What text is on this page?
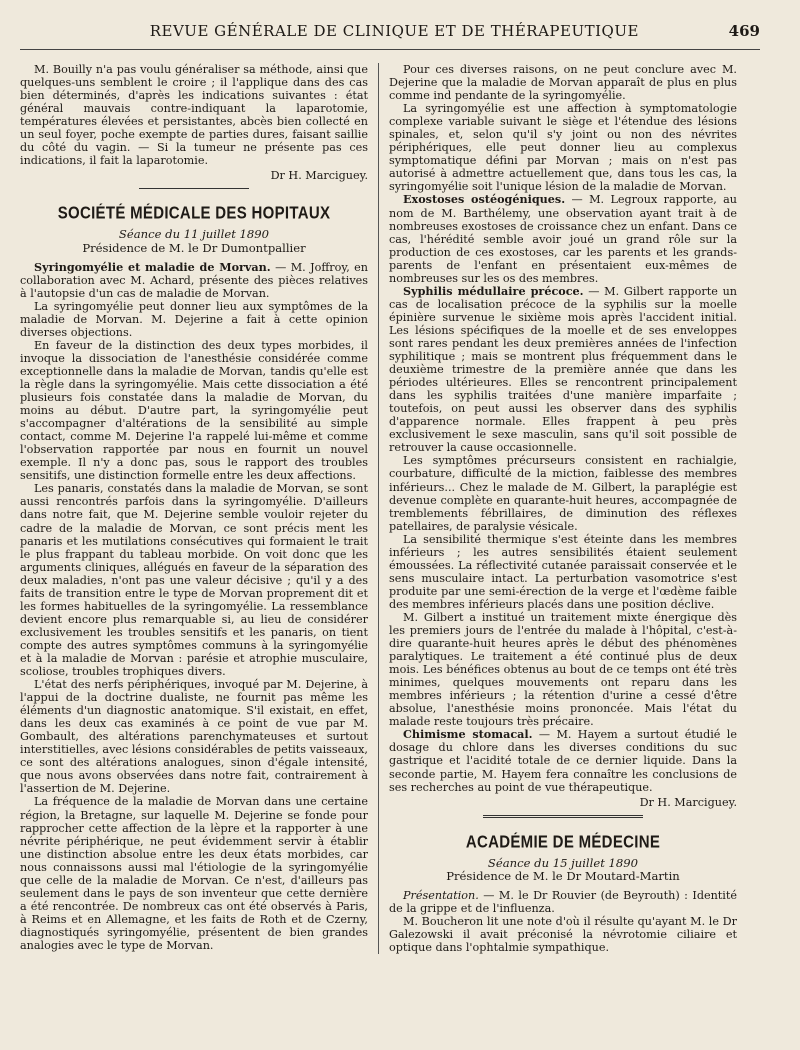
REVUE GÉNÉRALE DE CLINIQUE ET DE THÉRAPEUTIQUE	469

M. Bouilly n'a pas voulu généraliser sa méthode, ainsi que quelques-uns semblent le croire ; il l'applique dans des cas bien déterminés, d'après les indications suivantes : état général mauvais contre-indiquant la laparotomie, températures élevées et persistantes, abcès bien collecté en un seul foyer, poche exempte de parties dures, faisant saillie du côté du vagin. — Si la tumeur ne présente pas ces indications, il fait la laparotomie.

Dr H. Marciguey.

SOCIÉTÉ MÉDICALE DES HOPITAUX

Séance du 11 juillet 1890

Présidence de M. le Dr Dumontpallier

Syringomyélie et maladie de Morvan. — M. Joffroy, en collaboration avec M. Achard, présente des pièces relatives à l'autopsie d'un cas de maladie de Morvan.

La syringomyélie peut donner lieu aux symptômes de la maladie de Morvan. M. Dejerine a fait à cette opinion diverses objections.

En faveur de la distinction des deux types morbides, il invoque la dissociation de l'anesthésie considérée comme exceptionnelle dans la maladie de Morvan, tandis qu'elle est la règle dans la syringomyélie. Mais cette dissociation a été plusieurs fois constatée dans la maladie de Morvan, du moins au début. D'autre part, la syringomyélie peut s'accompagner d'altérations de la sensibilité au simple contact, comme M. Dejerine l'a rappelé lui-même et comme l'observation rapportée par nous en fournit un nouvel exemple. Il n'y a donc pas, sous le rapport des troubles sensitifs, une distinction formelle entre les deux affections.

Les panaris, constatés dans la maladie de Morvan, se sont aussi rencontrés parfois dans la syringomyélie. D'ailleurs dans notre fait, que M. Dejerine semble vouloir rejeter du cadre de la maladie de Morvan, ce sont précis ment les panaris et les mutilations consécutives qui formaient le trait le plus frappant du tableau morbide. On voit donc que les arguments cliniques, allégués en faveur de la séparation des deux maladies, n'ont pas une valeur décisive ; qu'il y a des faits de transition entre le type de Morvan proprement dit et les formes habituelles de la syringomyélie. La ressemblance devient encore plus remarquable si, au lieu de considérer exclusivement les troubles sensitifs et les panaris, on tient compte des autres symptômes communs à la syringomyélie et à la maladie de Morvan : parésie et atrophie musculaire, scoliose, troubles trophiques divers.

L'état des nerfs périphériques, invoqué par M. Dejerine, à l'appui de la doctrine dualiste, ne fournit pas même les éléments d'un diagnostic anatomique. S'il existait, en effet, dans les deux cas examinés à ce point de vue par M. Gombault, des altérations parenchymateuses et surtout interstitielles, avec lésions considérables de petits vaisseaux, ce sont des altérations analogues, sinon d'égale intensité, que nous avons observées dans notre fait, contrairement à l'assertion de M. Dejerine.

La fréquence de la maladie de Morvan dans une certaine région, la Bretagne, sur laquelle M. Dejerine se fonde pour rapprocher cette affection de la lèpre et la rapporter à une névrite périphérique, ne peut évidemment servir à établir une distinction absolue entre les deux états morbides, car nous connaissons aussi mal l'étiologie de la syringomyélie que celle de la maladie de Morvan. Ce n'est, d'ailleurs pas seulement dans le pays de son inventeur que cette dernière a été rencontrée. De nombreux cas ont été observés à Paris, à Reims et en Allemagne, et les faits de Roth et de Czerny, diagnostiqués syringomyélie, présentent de bien grandes analogies avec le type de Morvan.

Pour ces diverses raisons, on ne peut conclure avec M. Dejerine que la maladie de Morvan apparaît de plus en plus comme ind pendante de la syringomyélie.

La syringomyélie est une affection à symptomatologie complexe variable suivant le siège et l'étendue des lésions spinales, et, selon qu'il s'y joint ou non des névrites périphériques, elle peut donner lieu au complexus symptomatique défini par Morvan ; mais on n'est pas autorisé à admettre actuellement que, dans tous les cas, la syringomyélie soit l'unique lésion de la maladie de Morvan.

Exostoses ostéogéniques. — M. Legroux rapporte, au nom de M. Barthélemy, une observation ayant trait à de nombreuses exostoses de croissance chez un enfant. Dans ce cas, l'hérédité semble avoir joué un grand rôle sur la production de ces exostoses, car les parents et les grands-parents de l'enfant en présentaient eux-mêmes de nombreuses sur les os des membres.

Syphilis médullaire précoce. — M. Gilbert rapporte un cas de localisation précoce de la syphilis sur la moelle épinière survenue le sixième mois après l'accident initial. Les lésions spécifiques de la moelle et de ses enveloppes sont rares pendant les deux premières années de l'infection syphilitique ; mais se montrent plus fréquemment dans le deuxième trimestre de la première année que dans les périodes ultérieures. Elles se rencontrent principalement dans les syphilis traitées d'une manière imparfaite ; toutefois, on peut aussi les observer dans des syphilis d'apparence normale. Elles frappent à peu près exclusivement le sexe masculin, sans qu'il soit possible de retrouver la cause occasionnelle.

Les symptômes précurseurs consistent en rachialgie, courbature, difficulté de la miction, faiblesse des membres inférieurs... Chez le malade de M. Gilbert, la paraplégie est devenue complète en quarante-huit heures, accompagnée de tremblements fébrillaires, de diminution des réflexes patellaires, de paralysie vésicale.

La sensibilité thermique s'est éteinte dans les membres inférieurs ; les autres sensibilités étaient seulement émoussées. La réflectivité cutanée paraissait conservée et le sens musculaire intact. La perturbation vasomotrice s'est produite par une semi-érection de la verge et l'œdème faible des membres inférieurs placés dans une position déclive.

M. Gilbert a institué un traitement mixte énergique dès les premiers jours de l'entrée du malade à l'hôpital, c'est-à-dire quarante-huit heures après le début des phénomènes paralytiques. Le traitement a été continué plus de deux mois. Les bénéfices obtenus au bout de ce temps ont été très minimes, quelques mouvements ont reparu dans les membres inférieurs ; la rétention d'urine a cessé d'être absolue, l'anesthésie moins prononcée. Mais l'état du malade reste toujours très précaire.

Chimisme stomacal. — M. Hayem a surtout étudié le dosage du chlore dans les diverses conditions du suc gastrique et l'acidité totale de ce dernier liquide. Dans la seconde partie, M. Hayem fera connaître les conclusions de ses recherches au point de vue thérapeutique.

Dr H. Marciguey.

ACADÉMIE DE MÉDECINE

Séance du 15 juillet 1890

Présidence de M. le Dr Moutard-Martin

Présentation. — M. le Dr Rouvier (de Beyrouth) : Identité de la grippe et de l'influenza.

M. Boucheron lit une note d'où il résulte qu'ayant M. le Dr Galezowski il avait préconisé la névrotomie ciliaire et optique dans l'ophtalmie sympathique.
